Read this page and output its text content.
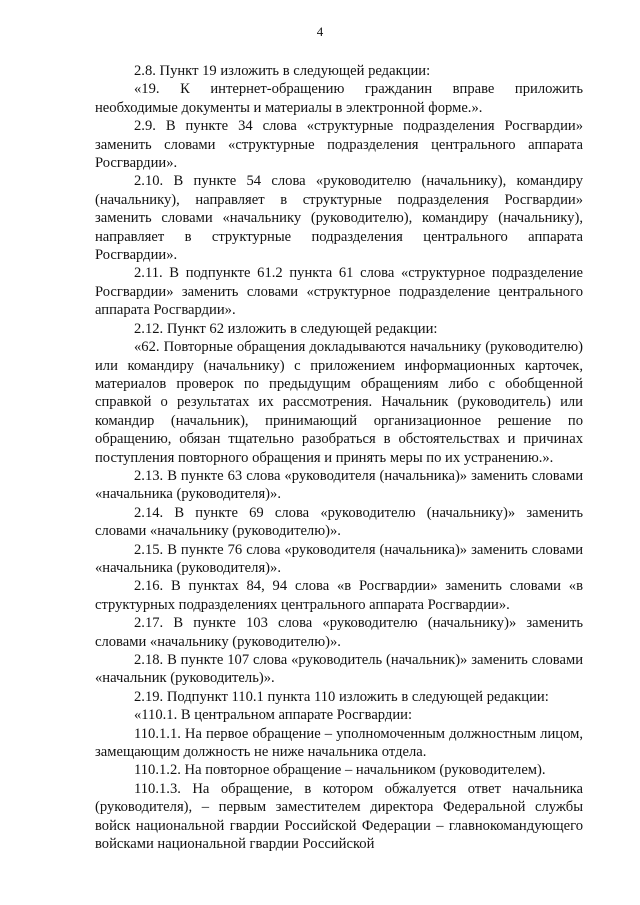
4

2.8. Пункт 19 изложить в следующей редакции:

«19. К интернет-обращению гражданин вправе приложить необходимые документы и материалы в электронной форме.».

2.9. В пункте 34 слова «структурные подразделения Росгвардии» заменить словами «структурные подразделения центрального аппарата Росгвардии».

2.10. В пункте 54 слова «руководителю (начальнику), командиру (начальнику), направляет в структурные подразделения Росгвардии» заменить словами «начальнику (руководителю), командиру (начальнику), направляет в структурные подразделения центрального аппарата Росгвардии».

2.11. В подпункте 61.2 пункта 61 слова «структурное подразделение Росгвардии» заменить словами «структурное подразделение центрального аппарата Росгвардии».

2.12. Пункт 62 изложить в следующей редакции:

«62. Повторные обращения докладываются начальнику (руководителю) или командиру (начальнику) с приложением информационных карточек, материалов проверок по предыдущим обращениям либо с обобщенной справкой о результатах их рассмотрения. Начальник (руководитель) или командир (начальник), принимающий организационное решение по обращению, обязан тщательно разобраться в обстоятельствах и причинах поступления повторного обращения и принять меры по их устранению.».

2.13. В пункте 63 слова «руководителя (начальника)» заменить словами «начальника (руководителя)».

2.14. В пункте 69 слова «руководителю (начальнику)» заменить словами «начальнику (руководителю)».

2.15. В пункте 76 слова «руководителя (начальника)» заменить словами «начальника (руководителя)».

2.16. В пунктах 84, 94 слова «в Росгвардии» заменить словами «в структурных подразделениях центрального аппарата Росгвардии».

2.17. В пункте 103 слова «руководителю (начальнику)» заменить словами «начальнику (руководителю)».

2.18. В пункте 107 слова «руководитель (начальник)» заменить словами «начальник (руководитель)».

2.19. Подпункт 110.1 пункта 110 изложить в следующей редакции:

«110.1. В центральном аппарате Росгвардии:

110.1.1. На первое обращение – уполномоченным должностным лицом, замещающим должность не ниже начальника отдела.

110.1.2. На повторное обращение – начальником (руководителем).

110.1.3. На обращение, в котором обжалуется ответ начальника (руководителя), – первым заместителем директора Федеральной службы войск национальной гвардии Российской Федерации – главнокомандующего войсками национальной гвардии Российской
